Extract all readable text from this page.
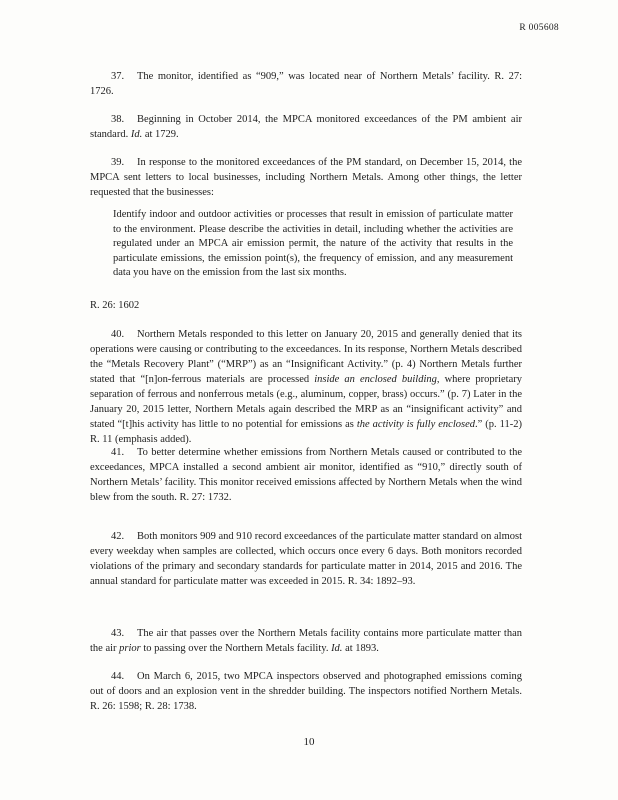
R 005608

37. The monitor, identified as “909,” was located near of Northern Metals’ facility. R. 27: 1726.

38. Beginning in October 2014, the MPCA monitored exceedances of the PM ambient air standard. Id. at 1729.

39. In response to the monitored exceedances of the PM standard, on December 15, 2014, the MPCA sent letters to local businesses, including Northern Metals. Among other things, the letter requested that the businesses:

Identify indoor and outdoor activities or processes that result in emission of particulate matter to the environment. Please describe the activities in detail, including whether the activities are regulated under an MPCA air emission permit, the nature of the activity that results in the particulate emissions, the emission point(s), the frequency of emission, and any measurement data you have on the emission from the last six months.

R. 26: 1602

40. Northern Metals responded to this letter on January 20, 2015 and generally denied that its operations were causing or contributing to the exceedances. In its response, Northern Metals described the “Metals Recovery Plant” (“MRP”) as an “Insignificant Activity.” (p. 4) Northern Metals further stated that “[n]on-ferrous materials are processed inside an enclosed building, where proprietary separation of ferrous and nonferrous metals (e.g., aluminum, copper, brass) occurs.” (p. 7) Later in the January 20, 2015 letter, Northern Metals again described the MRP as an “insignificant activity” and stated “[t]his activity has little to no potential for emissions as the activity is fully enclosed.” (p. 11-2) R. 11 (emphasis added).

41. To better determine whether emissions from Northern Metals caused or contributed to the exceedances, MPCA installed a second ambient air monitor, identified as “910,” directly south of Northern Metals’ facility. This monitor received emissions affected by Northern Metals when the wind blew from the south. R. 27: 1732.

42. Both monitors 909 and 910 record exceedances of the particulate matter standard on almost every weekday when samples are collected, which occurs once every 6 days. Both monitors recorded violations of the primary and secondary standards for particulate matter in 2014, 2015 and 2016. The annual standard for particulate matter was exceeded in 2015. R. 34: 1892–93.

43. The air that passes over the Northern Metals facility contains more particulate matter than the air prior to passing over the Northern Metals facility. Id. at 1893.

44. On March 6, 2015, two MPCA inspectors observed and photographed emissions coming out of doors and an explosion vent in the shredder building. The inspectors notified Northern Metals. R. 26: 1598; R. 28: 1738.

10
